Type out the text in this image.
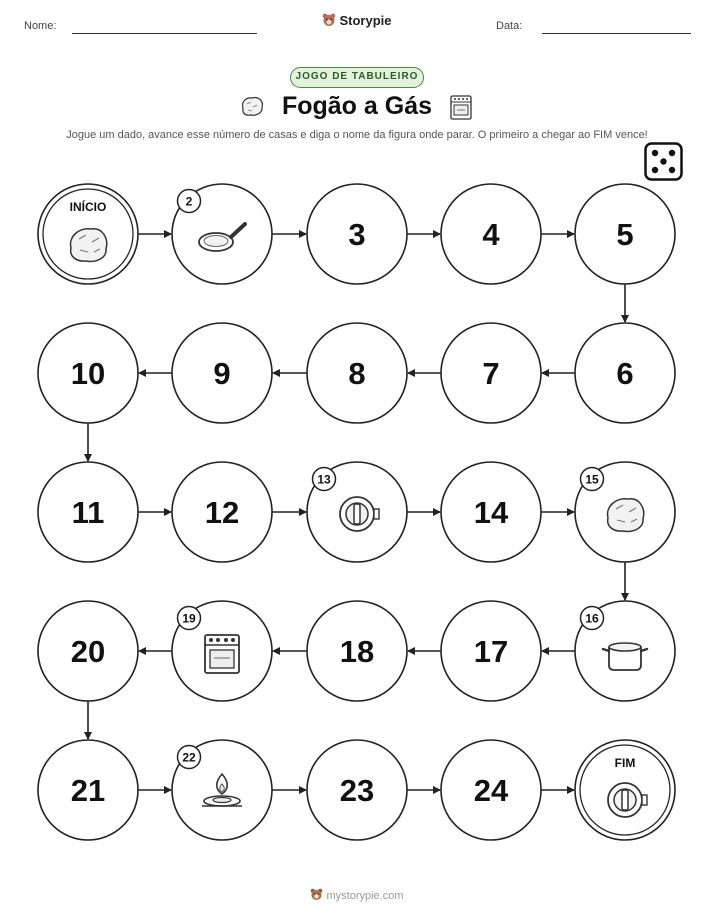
Nome:	Storypie	Data:
JOGO DE TABULEIRO
Fogão a Gás
Jogue um dado, avance esse número de casas e diga o nome da figura onde parar. O primeiro a chegar ao FIM vence!
INÍCIO	2
3	4	5
6
7
8
9
10
11	12
13
14
15
16
17
18
19
20
21
22
23	24
FIM
mystorypie.com
